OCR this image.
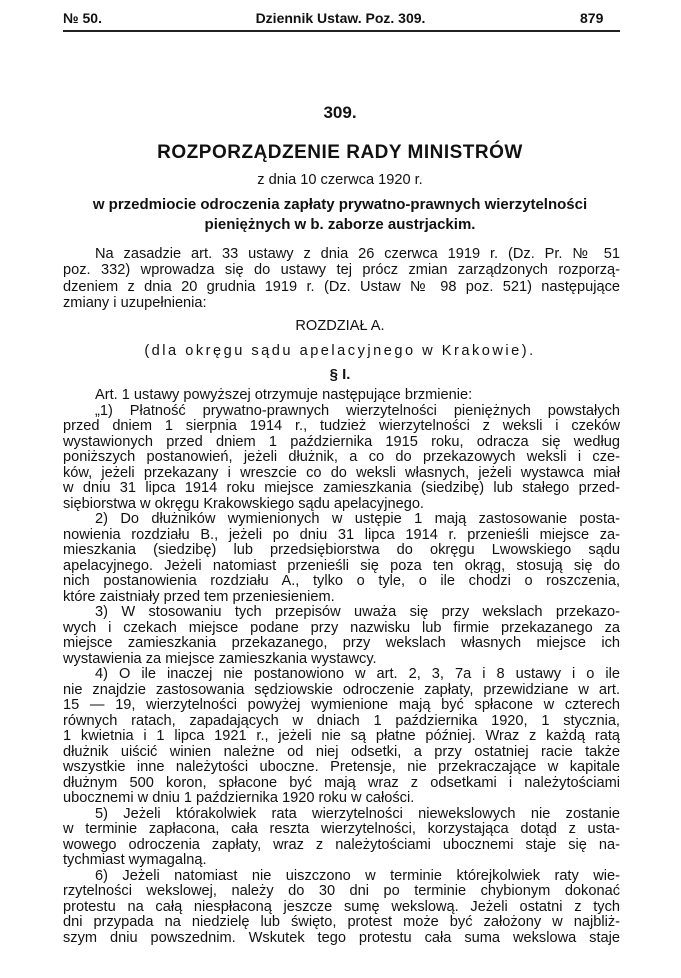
№ 50.	Dziennik Ustaw. Poz. 309.	879
309.
ROZPORZĄDZENIE RADY MINISTRÓW
z dnia 10 czerwca 1920 r.
w przedmiocie odroczenia zapłaty prywatno-prawnych wierzytelności
pieniężnych w b. zaborze austrjackim.
Na zasadzie art. 33 ustawy z dnia 26 czerwca 1919 r. (Dz. Pr. № 51
poz. 332) wprowadza się do ustawy tej prócz zmian zarządzonych rozporzą-
dzeniem z dnia 20 grudnia 1919 r. (Dz. Ustaw № 98 poz. 521) następujące
zmiany i uzupełnienia:
ROZDZIAŁ A.
(dla okręgu sądu apelacyjnego w Krakowie).
§ I.
Art. 1 ustawy powyższej otrzymuje następujące brzmienie:
„1) Płatność prywatno-prawnych wierzytelności pieniężnych powstałych
przed dniem 1 sierpnia 1914 r., tudzież wierzytelności z weksli i czeków
wystawionych przed dniem 1 października 1915 roku, odracza się według
poniższych postanowień, jeżeli dłużnik, a co do przekazowych weksli i cze-
ków, jeżeli przekazany i wreszcie co do weksli własnych, jeżeli wystawca miał
w dniu 31 lipca 1914 roku miejsce zamieszkania (siedzibę) lub stałego przed-
siębiorstwa w okręgu Krakowskiego sądu apelacyjnego.
2) Do dłużników wymienionych w ustępie 1 mają zastosowanie posta-
nowienia rozdziału B., jeżeli po dniu 31 lipca 1914 r. przenieśli miejsce za-
mieszkania (siedzibę) lub przedsiębiorstwa do okręgu Lwowskiego sądu
apelacyjnego. Jeżeli natomiast przenieśli się poza ten okrąg, stosują się do
nich postanowienia rozdziału A., tylko o tyle, o ile chodzi o roszczenia,
które zaistniały przed tem przeniesieniem.
3) W stosowaniu tych przepisów uważa się przy wekslach przekazo-
wych i czekach miejsce podane przy nazwisku lub firmie przekazanego za
miejsce zamieszkania przekazanego, przy wekslach własnych miejsce ich
wystawienia za miejsce zamieszkania wystawcy.
4) O ile inaczej nie postanowiono w art. 2, 3, 7a i 8 ustawy i o ile
nie znajdzie zastosowania sędziowskie odroczenie zapłaty, przewidziane w art.
15 — 19, wierzytelności powyżej wymienione mają być spłacone w czterech
równych ratach, zapadających w dniach 1 października 1920, 1 stycznia,
1 kwietnia i 1 lipca 1921 r., jeżeli nie są płatne później. Wraz z każdą ratą
dłużnik uiścić winien należne od niej odsetki, a przy ostatniej racie także
wszystkie inne należytości uboczne. Pretensje, nie przekraczające w kapitale
dłużnym 500 koron, spłacone być mają wraz z odsetkami i należytościami
ubocznemi w dniu 1 października 1920 roku w całości.
5) Jeżeli którakolwiek rata wierzytelności niewekslowych nie zostanie
w terminie zapłacona, cała reszta wierzytelności, korzystająca dotąd z usta-
wowego odroczenia zapłaty, wraz z należytościami ubocznemi staje się na-
tychmiast wymagalną.
6) Jeżeli natomiast nie uiszczono w terminie którejkolwiek raty wie-
rzytelności wekslowej, należy do 30 dni po terminie chybionym dokonać
protestu na całą niespłaconą jeszcze sumę wekslową. Jeżeli ostatni z tych
dni przypada na niedzielę lub święto, protest może być założony w najbliż-
szym dniu powszednim. Wskutek tego protestu cała suma wekslowa staje
